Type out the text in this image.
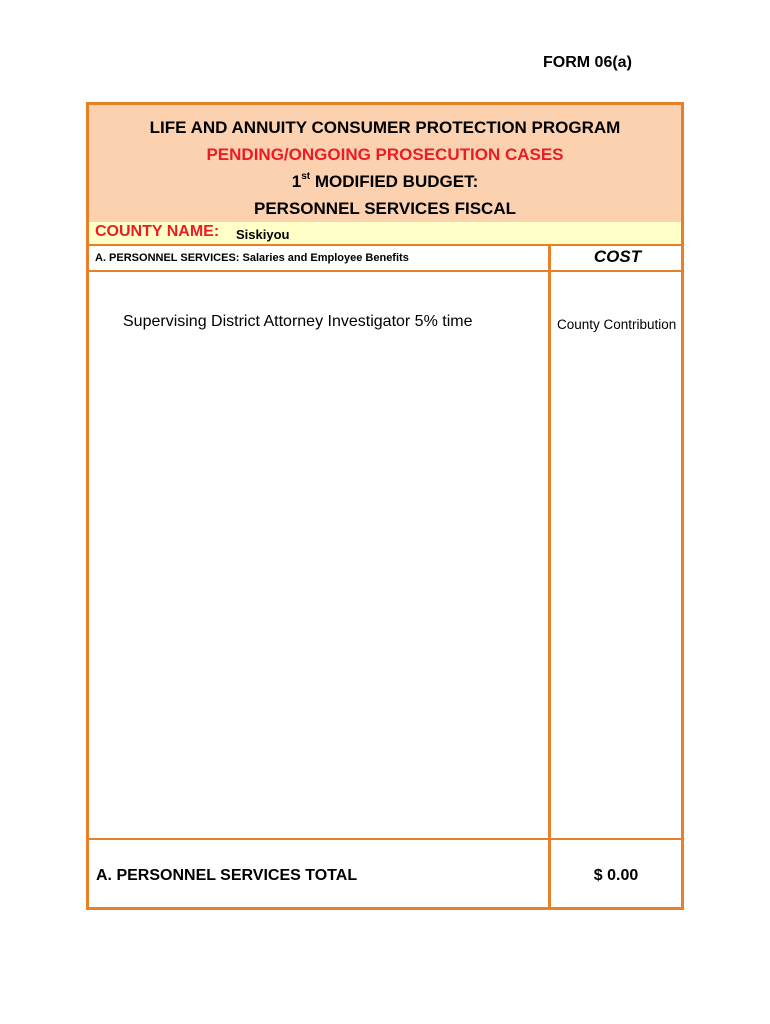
FORM 06(a)
LIFE AND ANNUITY CONSUMER PROTECTION PROGRAM
PENDING/ONGOING PROSECUTION CASES
1st MODIFIED BUDGET:
PERSONNEL SERVICES FISCAL
COUNTY NAME: Siskiyou
A. PERSONNEL SERVICES: Salaries and Employee Benefits	COST
Supervising District Attorney Investigator 5% time	County Contribution
A. PERSONNEL SERVICES TOTAL	$ 0.00
